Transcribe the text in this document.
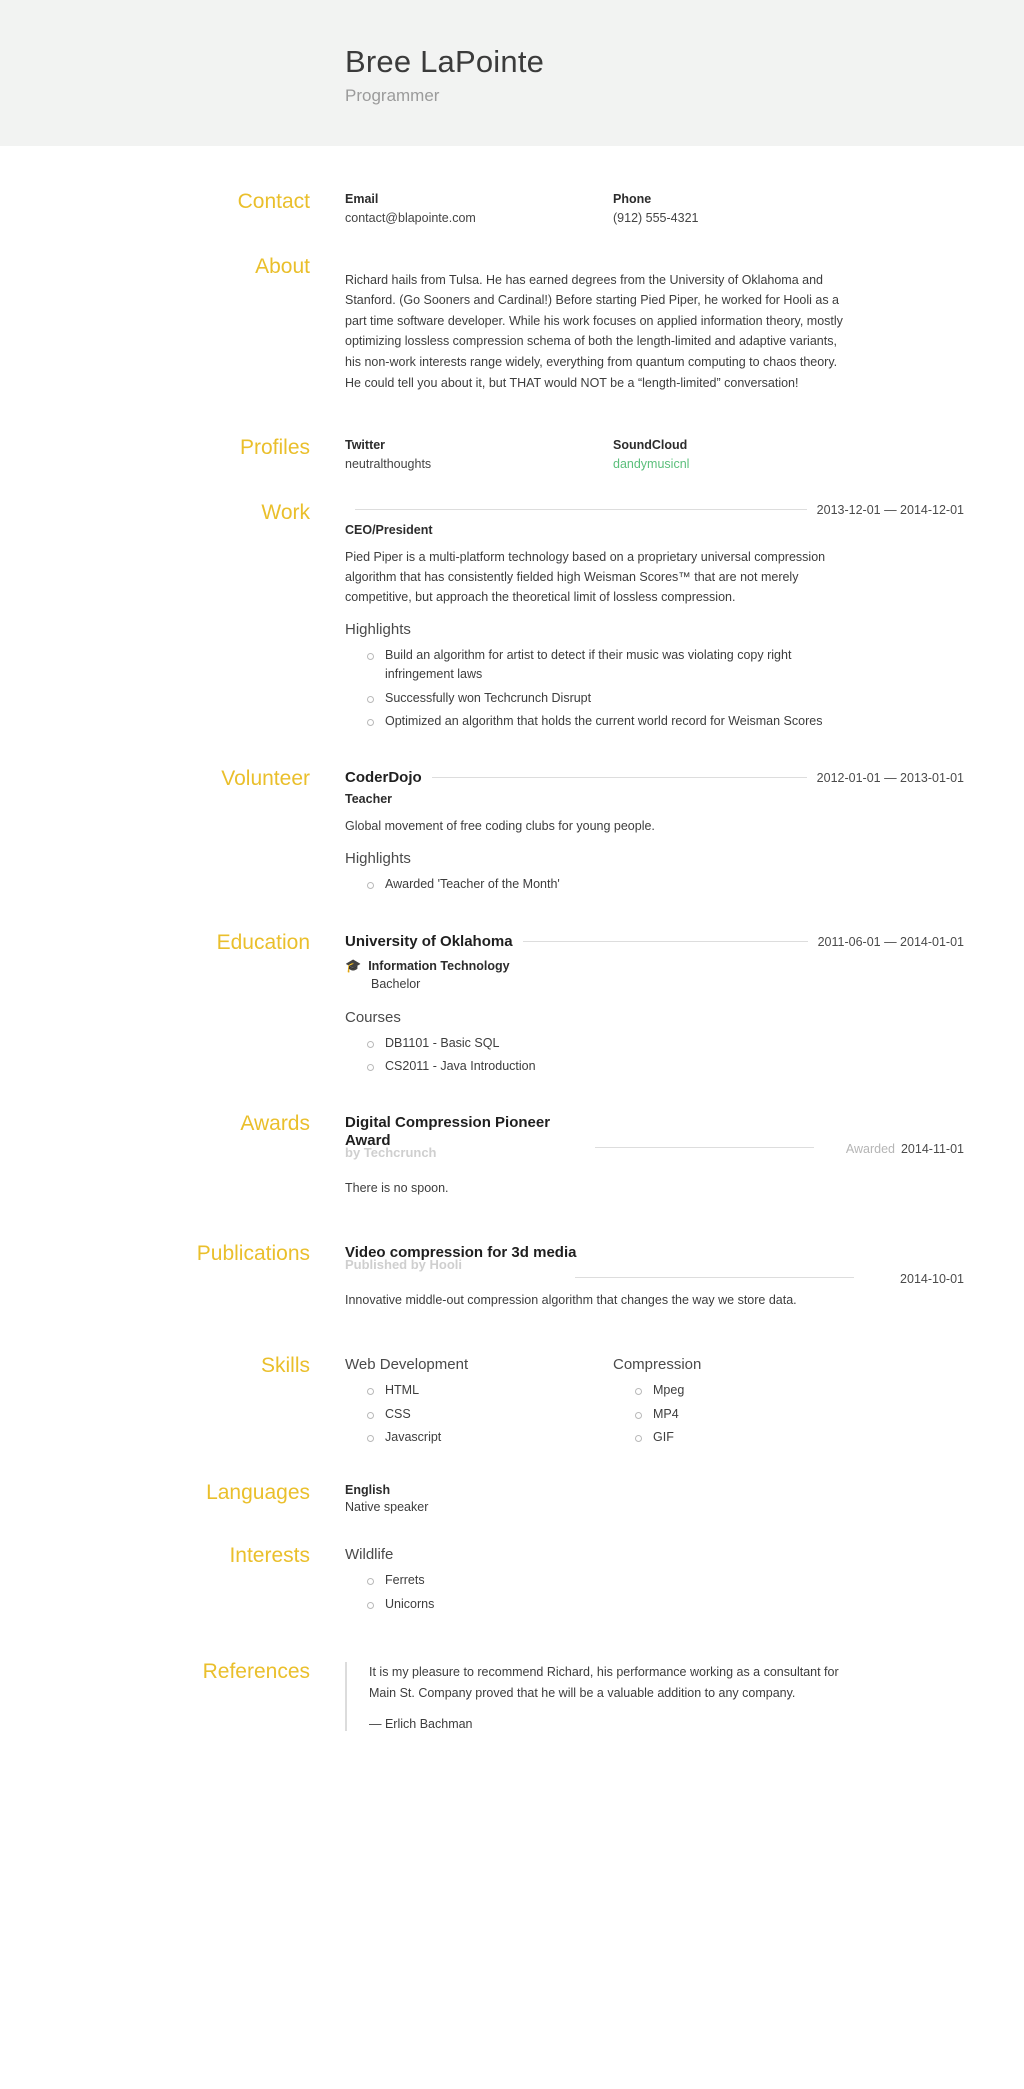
Bree LaPointe

Programmer

Contact	Email
contact@blapointe.com
Phone
(912) 555-4321
About

Richard hails from Tulsa. He has earned degrees from the University of Oklahoma and Stanford. (Go Sooners and Cardinal!) Before starting Pied Piper, he worked for Hooli as a part time software developer. While his work focuses on applied information theory, mostly optimizing lossless compression schema of both the length-limited and adaptive variants, his non-work interests range widely, everything from quantum computing to chaos theory. He could tell you about it, but THAT would NOT be a “length-limited” conversation!

Profiles	Twitter
neutralthoughts
SoundCloud
dandymusicnl
Work	2013-12-01 — 2014-12-01
CEO/President
Pied Piper is a multi-platform technology based on a proprietary universal compression algorithm that has consistently fielded high Weisman Scores™ that are not merely competitive, but approach the theoretical limit of lossless compression.
Highlights
Build an algorithm for artist to detect if their music was violating copy right infringement laws
Successfully won Techcrunch Disrupt
Optimized an algorithm that holds the current world record for Weisman Scores
Volunteer	CoderDojo	2012-01-01 — 2013-01-01
Teacher
Global movement of free coding clubs for young people.
Highlights
Awarded 'Teacher of the Month'
Education	University of Oklahoma	2011-06-01 — 2014-01-01
🎓 Information Technology
Bachelor
Courses
DB1101 - Basic SQL
CS2011 - Java Introduction
Awards	Digital Compression Pioneer Award
by Techcrunch	Awarded 2014-11-01
There is no spoon.
Publications	Video compression for 3d media
Published by Hooli
2014-10-01
Innovative middle-out compression algorithm that changes the way we store data.
Skills	Web Development
HTML
CSS
Javascript
Compression
Mpeg
MP4
GIF
Languages	English
Native speaker
Interests	Wildlife
Ferrets
Unicorns
References	It is my pleasure to recommend Richard, his performance working as a consultant for Main St. Company proved that he will be a valuable addition to any company.
— Erlich Bachman
